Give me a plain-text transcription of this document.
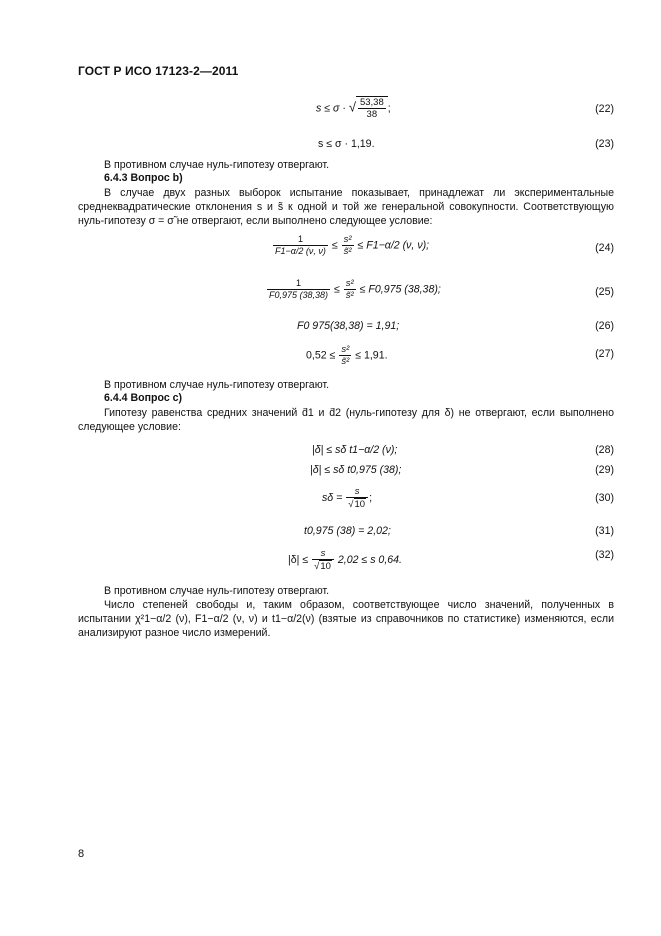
ГОСТ Р ИСО 17123-2—2011
s ≤ σ · √ $\frac{53,38}{38}$ ;	(22)
s ≤ σ · 1,19.	(23)
В противном случае нуль-гипотезу отвергают.
6.4.3 Вопрос b)
В случае двух разных выборок испытание показывает, принадлежат ли экспериментальные среднеквадратические отклонения s и s̃ к одной и той же генеральной совокупности. Соответствующую нуль-гипотезу σ = σ̃ не отвергают, если выполнено следующее условие:
$\frac{1}{F1-\alpha/2 (\nu, \nu)} \le \frac{\text{s²}}{\text{s̃²}} \le F1-\alpha/2$ (ν, ν);	(24)
$\frac{1}{F0,975 (38,38)} \le \frac{\text{s²}}{\text{s̃²}} \le F0,975$ (38,38);	(25)
F0 975(38,38) = 1,91;	(26)
$0,52 \le \frac{\text{s²}}{\text{s̃²}} \le 1,91$.	(27)
В противном случае нуль-гипотезу отвергают.
6.4.4 Вопрос c)
Гипотезу равенства средних значений d̄1 и d̄2 (нуль-гипотезу для δ) не отвергают, если выполнено следующее условие:
|δ| ≤ sδ t1−α/2 (ν);	(28)
|δ| ≤ sδ t0,975 (38);	(29)
$s\delta = \frac{s}{√10}$ ;	(30)
t0,975 (38) = 2,02;	(31)
$|\delta| \le \frac{s}{√10} 2,02 \le s$ 0,64.	(32)
В противном случае нуль-гипотезу отвергают.
Число степеней свободы и, таким образом, соответствующее число значений, полученных в испытании χ²1−α/2 (ν), F1−α/2 (ν, ν) и t1−α/2(ν) (взятые из справочников по статистике) изменяются, если анализируют разное число измерений.
8
